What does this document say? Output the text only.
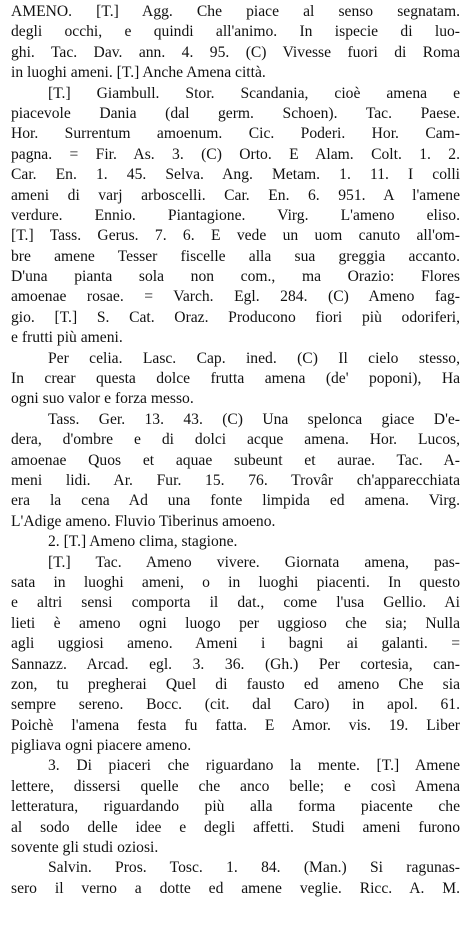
AMENO. [T.] Agg. Che piace al senso segnatam.
degli occhi, e quindi all'animo. In ispecie di luo-
ghi. Tac. Dav. ann. 4. 95. (C) Vivesse fuori di Roma
in luoghi ameni. [T.] Anche Amena città.
[T.] Giambull. Stor. Scandania, cioè amena e
piacevole Dania (dal germ. Schoen). Tac. Paese.
Hor. Surrentum amoenum. Cic. Poderi. Hor. Cam-
pagna. = Fir. As. 3. (C) Orto. E Alam. Colt. 1. 2.
Car. En. 1. 45. Selva. Ang. Metam. 1. 11. I colli
ameni di varj arboscelli. Car. En. 6. 951. A l'amene
verdure. Ennio. Piantagione. Virg. L'ameno eliso.
[T.] Tass. Gerus. 7. 6. E vede un uom canuto all'om-
bre amene Tesser fiscelle alla sua greggia accanto.
D'una pianta sola non com., ma Orazio: Flores
amoenae rosae. = Varch. Egl. 284. (C) Ameno fag-
gio. [T.] S. Cat. Oraz. Producono fiori più odoriferi,
e frutti più ameni.
Per celia. Lasc. Cap. ined. (C) Il cielo stesso,
In crear questa dolce frutta amena (de' poponi), Ha
ogni suo valor e forza messo.
Tass. Ger. 13. 43. (C) Una spelonca giace D'e-
dera, d'ombre e di dolci acque amena. Hor. Lucos,
amoenae Quos et aquae subeunt et aurae. Tac. A-
meni lidi. Ar. Fur. 15. 76. Trovâr ch'apparecchiata
era la cena Ad una fonte limpida ed amena. Virg.
L'Adige ameno. Fluvio Tiberinus amoeno.
2. [T.] Ameno clima, stagione.
[T.] Tac. Ameno vivere. Giornata amena, pas-
sata in luoghi ameni, o in luoghi piacenti. In questo
e altri sensi comporta il dat., come l'usa Gellio. Ai
lieti è ameno ogni luogo per uggioso che sia; Nulla
agli uggiosi ameno. Ameni i bagni ai galanti. =
Sannazz. Arcad. egl. 3. 36. (Gh.) Per cortesia, can-
zon, tu pregherai Quel di fausto ed ameno Che sia
sempre sereno. Bocc. (cit. dal Caro) in apol. 61.
Poichè l'amena festa fu fatta. E Amor. vis. 19. Liber
pigliava ogni piacere ameno.
3. Di piaceri che riguardano la mente. [T.] Amene
lettere, dissersi quelle che anco belle; e così Amena
letteratura, riguardando più alla forma piacente che
al sodo delle idee e degli affetti. Studi ameni furono
sovente gli studi oziosi.
Salvin. Pros. Tosc. 1. 84. (Man.) Si ragunas-
sero il verno a dotte ed amene veglie. Ricc. A. M.
